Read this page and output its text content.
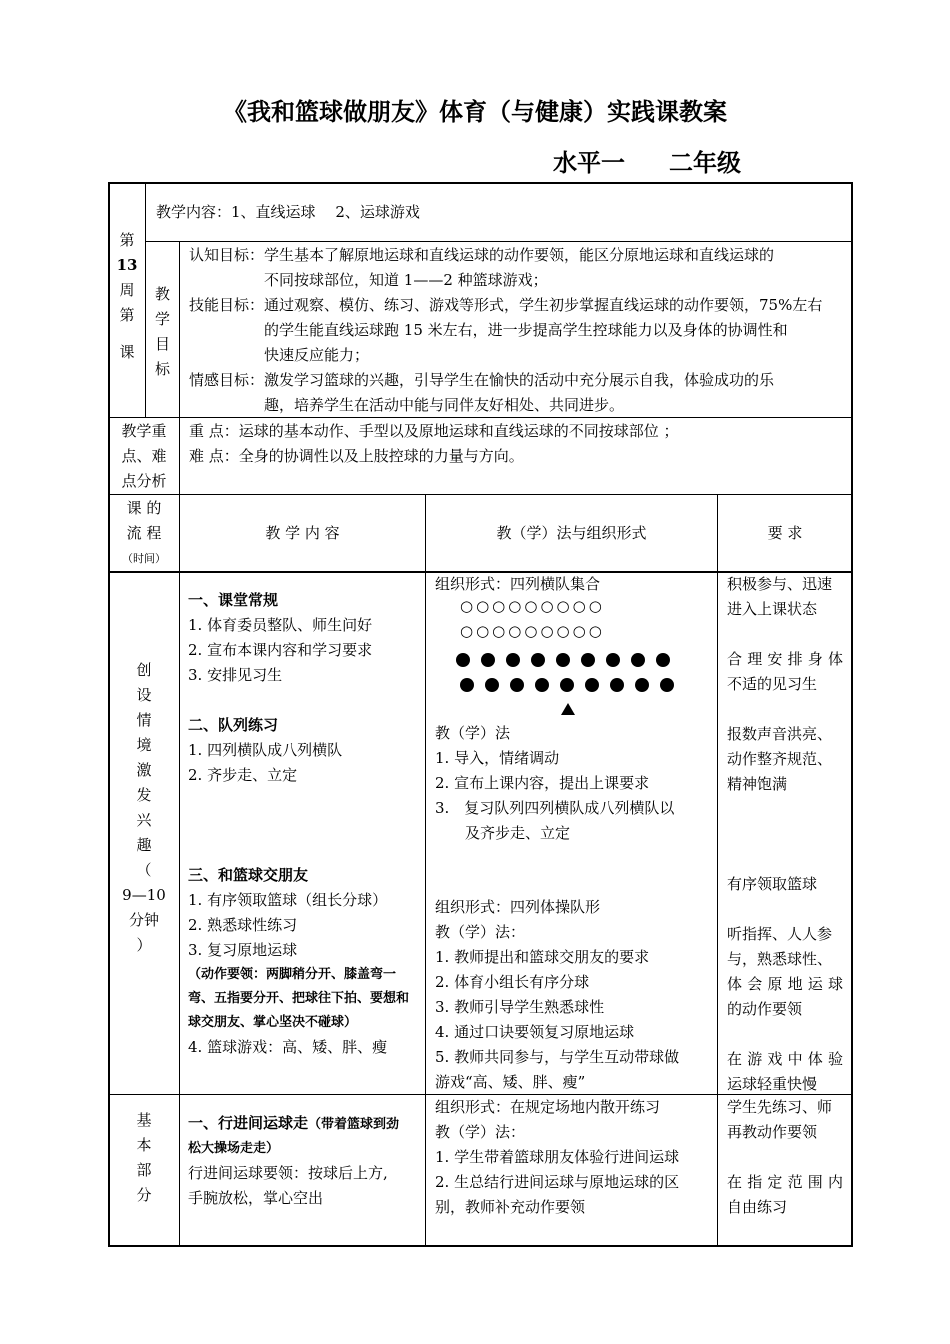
《我和篮球做朋友》体育（与健康）实践课教案
水平一 二年级
第
13
周
第
课
教学内容：1、直线运球　 2、运球游戏
教
学
目
标
认知目标：学生基本了解原地运球和直线运球的动作要领，能区分原地运球和直线运球的
　　　　　不同按球部位，知道 1——2 种篮球游戏；
技能目标：通过观察、模仿、练习、游戏等形式，学生初步掌握直线运球的动作要领，75%左右
　　　　　的学生能直线运球跑 15 米左右，进一步提高学生控球能力以及身体的协调性和
　　　　　快速反应能力；
情感目标：激发学习篮球的兴趣，引导学生在愉快的活动中充分展示自我，体验成功的乐
　　　　　趣，培养学生在活动中能与同伴友好相处、共同进步。
教学重
点、难
点分析
重 点：运球的基本动作、手型以及原地运球和直线运球的不同按球部位 ；
难 点：全身的协调性以及上肢控球的力量与方向。
课 的
流 程
（时间）
教 学 内 容	教（学）法与组织形式	要 求
创
设
情
境
激
发
兴
趣
（
9—10
分钟
）
一、课堂常规
1. 体育委员整队、师生问好
2. 宣布本课内容和学习要求
3. 安排见习生
二、队列练习
1. 四列横队成八列横队
2. 齐步走、立定
三、和篮球交朋友
1. 有序领取篮球（组长分球）
2. 熟悉球性练习
3. 复习原地运球
（动作要领：两脚稍分开、膝盖弯一
弯、五指要分开、把球往下拍、要想和
球交朋友、掌心坚决不碰球）
4. 篮球游戏：高、矮、胖、瘦
组织形式：四列横队集合
○○○○○○○○○
○○○○○○○○○
教（学）法
1. 导入，情绪调动
2. 宣布上课内容，提出上课要求
3.　复习队列四列横队成八列横队以
　　及齐步走、立定
组织形式：四列体操队形
教（学）法：
1. 教师提出和篮球交朋友的要求
2. 体育小组长有序分球
3. 教师引导学生熟悉球性
4. 通过口诀要领复习原地运球
5. 教师共同参与，与学生互动带球做
游戏“高、矮、胖、瘦”
积极参与、迅速
进入上课状态
合理安排身体
不适的见习生
报数声音洪亮、
动作整齐规范、
精神饱满
有序领取篮球
听指挥、人人参
与，熟悉球性、
体会原地运球
的动作要领
在游戏中体验
运球轻重快慢
基
本
部
分
一、行进间运球走（带着篮球到劲
松大操场走走）
行进间运球要领：按球后上方,
手腕放松，掌心空出
组织形式：在规定场地内散开练习
教（学）法：
1. 学生带着篮球朋友体验行进间运球
2. 生总结行进间运球与原地运球的区
别，教师补充动作要领
学生先练习、师
再教动作要领
在指定范围内
自由练习
